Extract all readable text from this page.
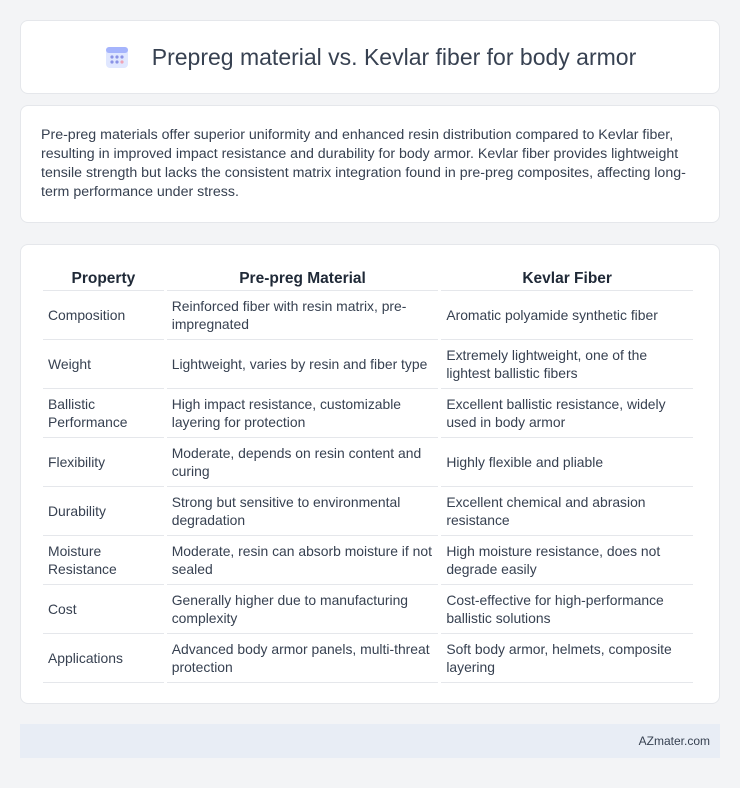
Prepreg material vs. Kevlar fiber for body armor

Pre-preg materials offer superior uniformity and enhanced resin distribution compared to Kevlar fiber, resulting in improved impact resistance and durability for body armor. Kevlar fiber provides lightweight tensile strength but lacks the consistent matrix integration found in pre-preg composites, affecting long-term performance under stress.

Property	Pre-preg Material	Kevlar Fiber
Composition	Reinforced fiber with resin matrix, pre-impregnated	Aromatic polyamide synthetic fiber
Weight	Lightweight, varies by resin and fiber type	Extremely lightweight, one of the lightest ballistic fibers
Ballistic Performance	High impact resistance, customizable layering for protection	Excellent ballistic resistance, widely used in body armor
Flexibility	Moderate, depends on resin content and curing	Highly flexible and pliable
Durability	Strong but sensitive to environmental degradation	Excellent chemical and abrasion resistance
Moisture Resistance	Moderate, resin can absorb moisture if not sealed	High moisture resistance, does not degrade easily
Cost	Generally higher due to manufacturing complexity	Cost-effective for high-performance ballistic solutions
Applications	Advanced body armor panels, multi-threat protection	Soft body armor, helmets, composite layering
AZmater.com
